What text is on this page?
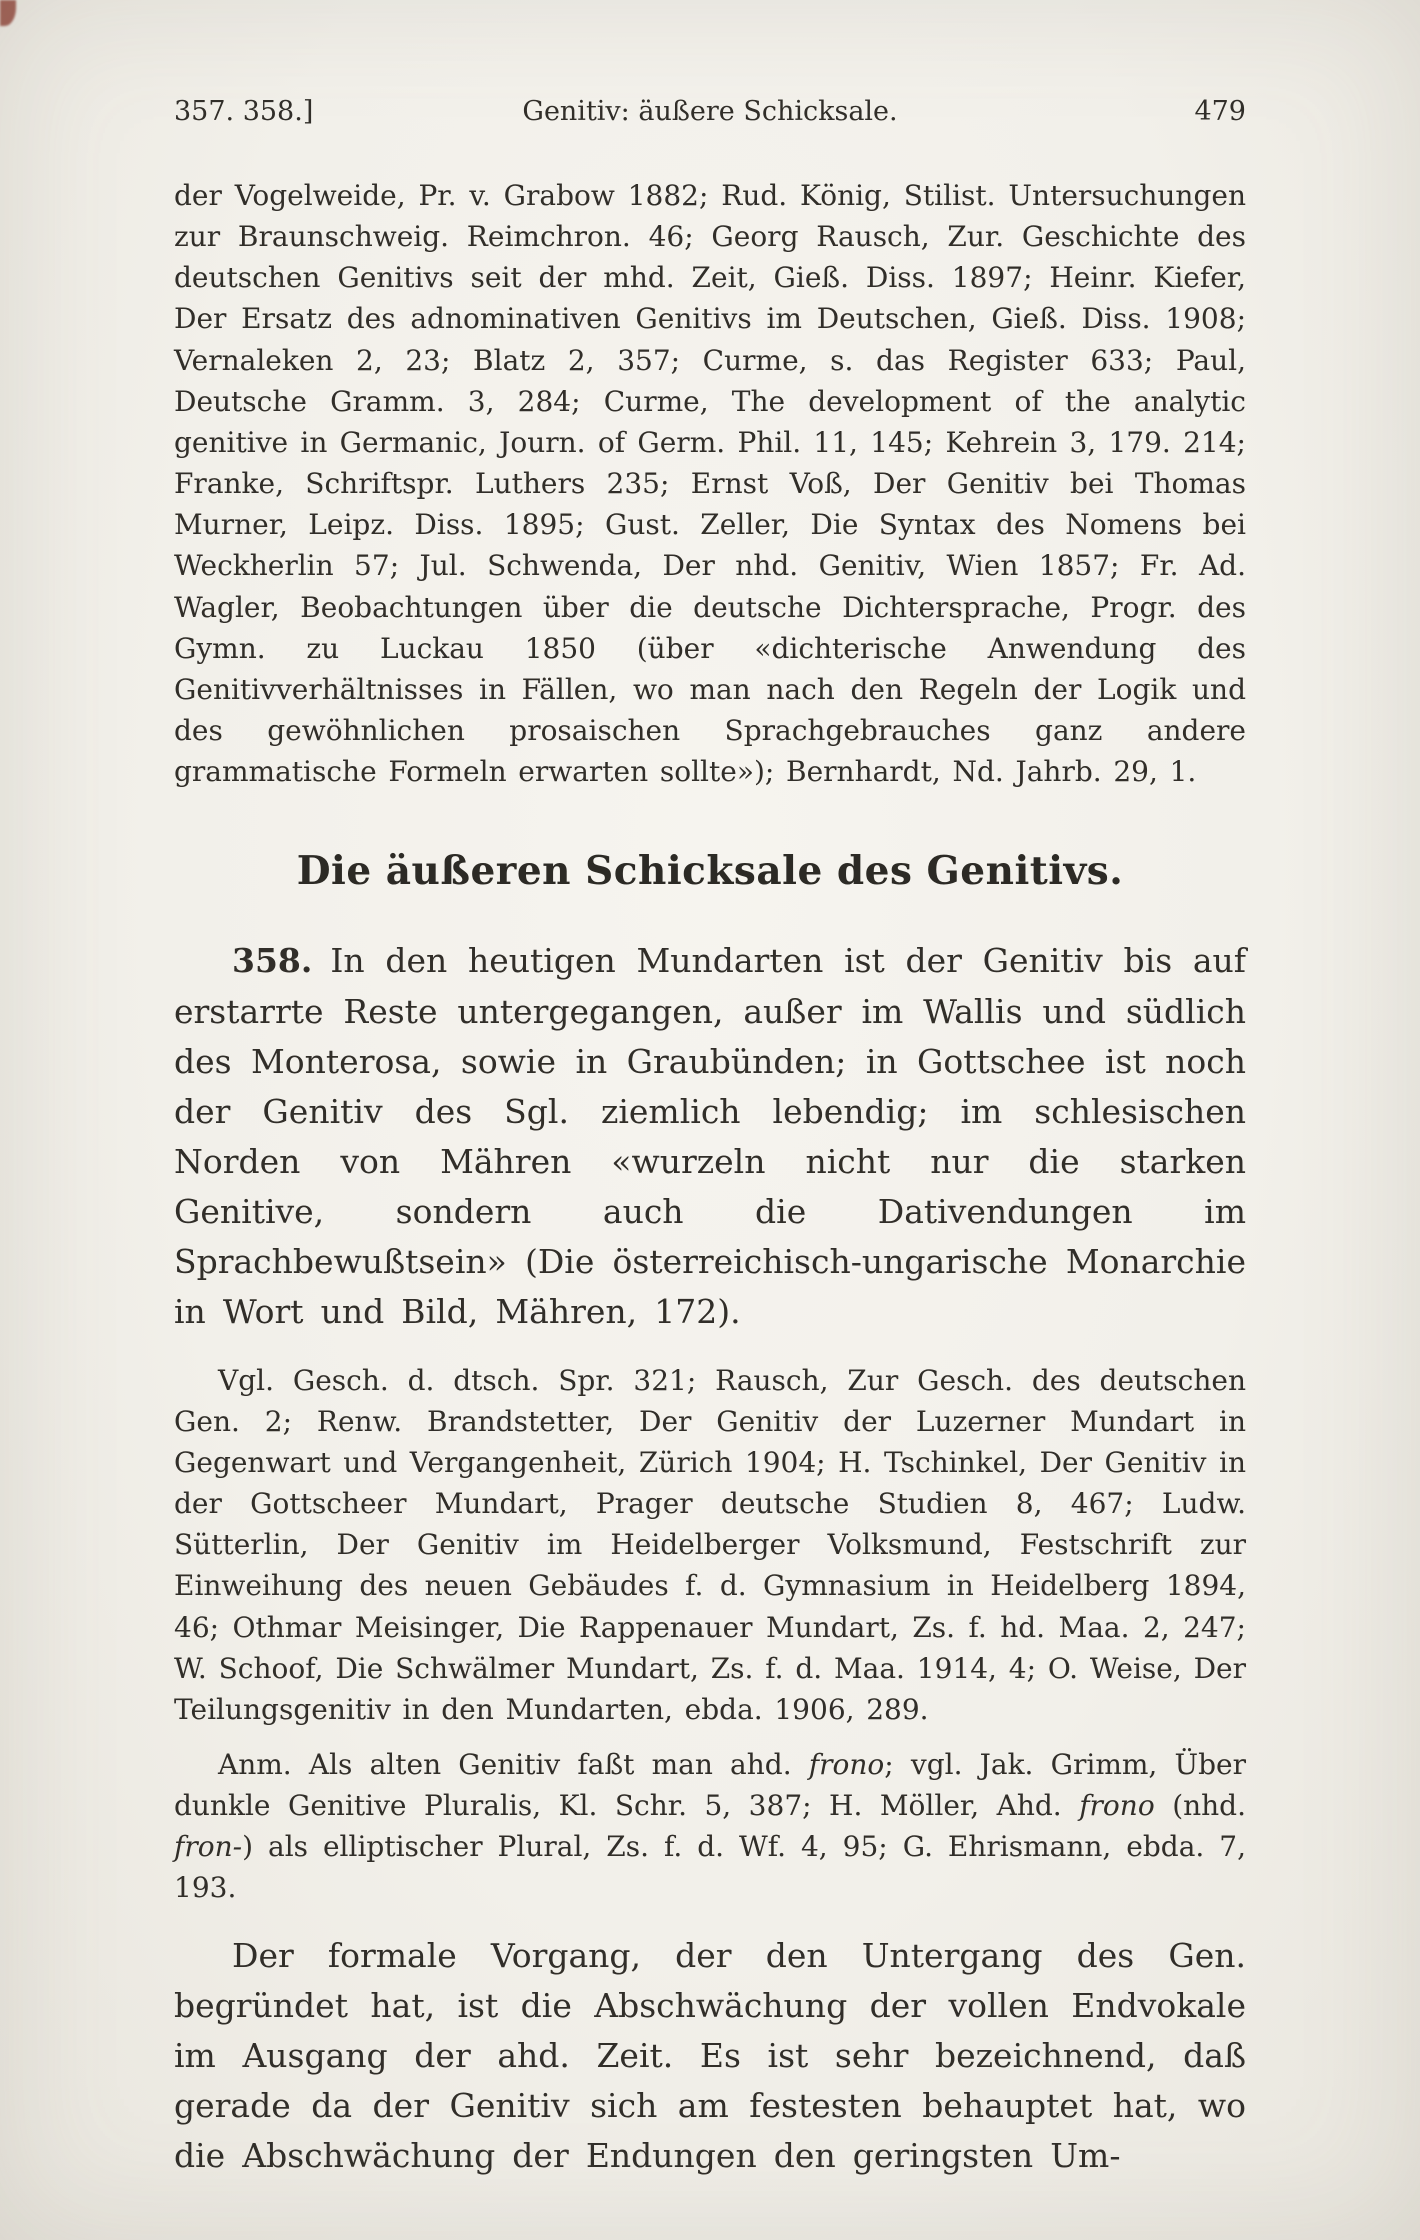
357. 358.]	Genitiv: äußere Schicksale.	479

der Vogelweide, Pr. v. Grabow 1882; Rud. König, Stilist. Untersuchungen zur Braunschweig. Reimchron. 46; Georg Rausch, Zur. Geschichte des deutschen Genitivs seit der mhd. Zeit, Gieß. Diss. 1897; Heinr. Kiefer, Der Ersatz des adnominativen Genitivs im Deutschen, Gieß. Diss. 1908; Vernaleken 2, 23; Blatz 2, 357; Curme, s. das Register 633; Paul, Deutsche Gramm. 3, 284; Curme, The development of the analytic genitive in Germanic, Journ. of Germ. Phil. 11, 145; Kehrein 3, 179. 214; Franke, Schriftspr. Luthers 235; Ernst Voß, Der Genitiv bei Thomas Murner, Leipz. Diss. 1895; Gust. Zeller, Die Syntax des Nomens bei Weckherlin 57; Jul. Schwenda, Der nhd. Genitiv, Wien 1857; Fr. Ad. Wagler, Beobachtungen über die deutsche Dichtersprache, Progr. des Gymn. zu Luckau 1850 (über «dichterische Anwendung des Genitivverhältnisses in Fällen, wo man nach den Regeln der Logik und des gewöhnlichen prosaischen Sprachgebrauches ganz andere grammatische Formeln erwarten sollte»); Bernhardt, Nd. Jahrb. 29, 1.

Die äußeren Schicksale des Genitivs.

358. In den heutigen Mundarten ist der Genitiv bis auf erstarrte Reste untergegangen, außer im Wallis und südlich des Monterosa, sowie in Graubünden; in Gottschee ist noch der Genitiv des Sgl. ziemlich lebendig; im schlesischen Norden von Mähren «wurzeln nicht nur die starken Genitive, sondern auch die Dativendungen im Sprachbewußtsein» (Die österreichisch-ungarische Monarchie in Wort und Bild, Mähren, 172).

Vgl. Gesch. d. dtsch. Spr. 321; Rausch, Zur Gesch. des deutschen Gen. 2; Renw. Brandstetter, Der Genitiv der Luzerner Mundart in Gegenwart und Vergangenheit, Zürich 1904; H. Tschinkel, Der Genitiv in der Gottscheer Mundart, Prager deutsche Studien 8, 467; Ludw. Sütterlin, Der Genitiv im Heidelberger Volksmund, Festschrift zur Einweihung des neuen Gebäudes f. d. Gymnasium in Heidelberg 1894, 46; Othmar Meisinger, Die Rappenauer Mundart, Zs. f. hd. Maa. 2, 247; W. Schoof, Die Schwälmer Mundart, Zs. f. d. Maa. 1914, 4; O. Weise, Der Teilungsgenitiv in den Mundarten, ebda. 1906, 289.

Anm. Als alten Genitiv faßt man ahd. frono; vgl. Jak. Grimm, Über dunkle Genitive Pluralis, Kl. Schr. 5, 387; H. Möller, Ahd. frono (nhd. fron-) als elliptischer Plural, Zs. f. d. Wf. 4, 95; G. Ehrismann, ebda. 7, 193.

Der formale Vorgang, der den Untergang des Gen. begründet hat, ist die Abschwächung der vollen Endvokale im Ausgang der ahd. Zeit. Es ist sehr bezeichnend, daß gerade da der Genitiv sich am festesten behauptet hat, wo die Abschwächung der Endungen den geringsten Um-
